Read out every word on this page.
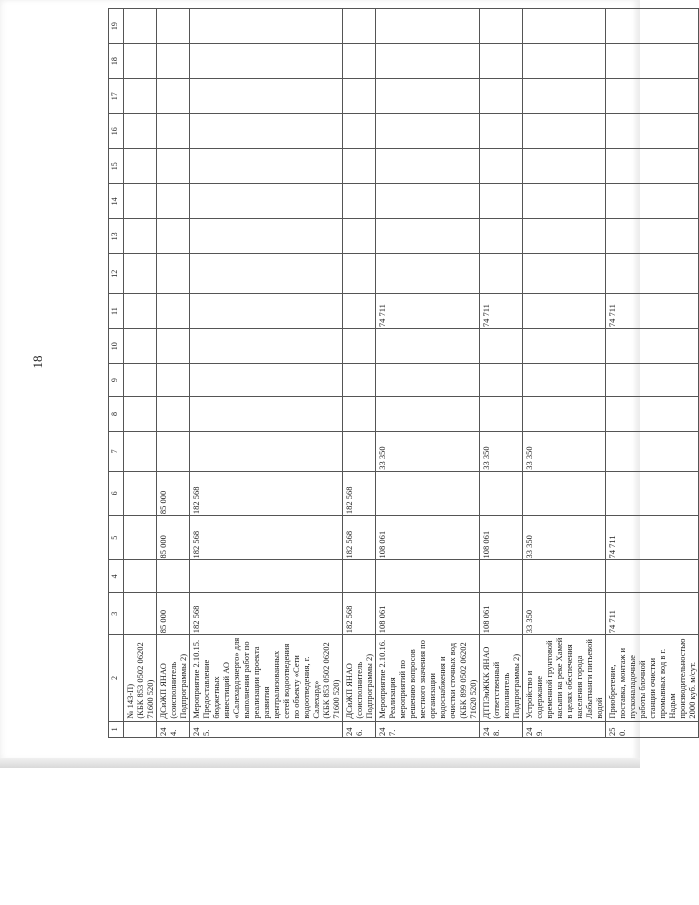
18
1	2	3	4	5	6	7	8	9	10	11	12	13	14	15	16	17	18	19
	№ 143-П)
(КБК 853 0502 06202 71600 520)																	
244.	ДСиЖП ЯНАО
(соисполнитель
Подпрограммы 2)	85 000		85 000	85 000													
245.	Мероприятие 2.10.15.
Предоставление бюджетных инвестиций АО «Салехардэнерго» для выполнения работ по реализации проекта развития централизованных сетей водоотведения по объекту «Сети водоотведения, г. Салехард»
(КБК 853 0502 06202 71600 520)	182 568		182 568	182 568													
246.	ДСиЖП ЯНАО
(соисполнитель
Подпрограммы 2)	182 568		182 568	182 568													
247.	Мероприятие 2.10.16.
Реализация мероприятий по решению вопросов местного значения по организации водоснабжения и очистки сточных вод
(КБК 899 0502 06202 71620 520)	108 061		108 061		33 350				74 711								
248.	ДТПЭиЖКК ЯНАО
(ответственный исполнитель Подпрограммы 2)	108 061		108 061		33 350				74 711								
249.	Устройство и содержание временной грунтовой насыпи на реке Хамей в целях обеспечения населения города Лабытнанги питьевой водой	33 350		33 350		33 350												
250.	Приобретение, поставка, монтаж и пусконаладочные работы блочной станции очистки промывных вод в г. Надым производительностью 2000 куб. м/сут.	74 711		74 711						74 711								
